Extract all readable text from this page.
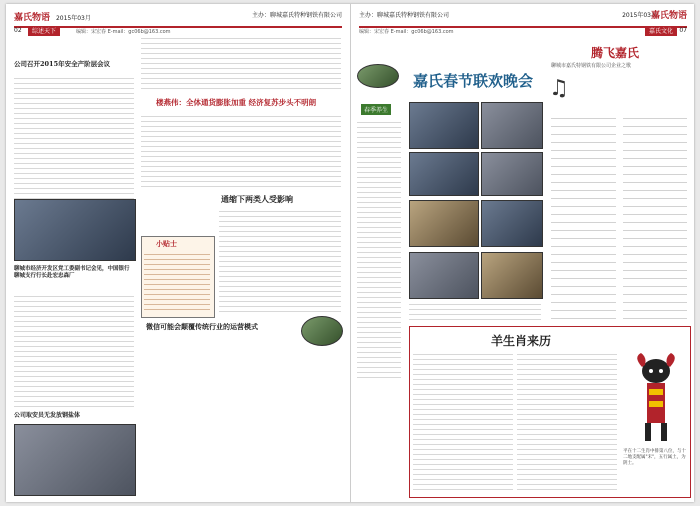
嘉氏物语 2015年03月	主办：聊城嘉氏特种钢铁有限公司
02	综述天下	编辑：宋宏春 E-mail：gc06b@163.com
公司召开2015年安全产阶层会议
聊城市经济开发区党工委副书记会见，中国银行聊城支行行长赴宏忠森厂
公司取安员无发放钢盐体
楼燕伟：全体通货膨胀加重 经济复苏步头不明朗
通缩下两类人受影响
小贴士
微信可能会颠覆传统行业的运营模式
主办：聊城嘉氏特种钢铁有限公司	2015年03月
嘉氏物语
编辑：宋宏春 E-mail：gc06b@163.com	嘉氏文化	07
春季养生
嘉氏春节联欢晚会
腾飞嘉氏
聊城市嘉氏特钢铁有限公司企业之歌
♫
羊生肖来历
平在十二生肖中排第八位，与十二地支配属"未"，五行属土，为阴土。
